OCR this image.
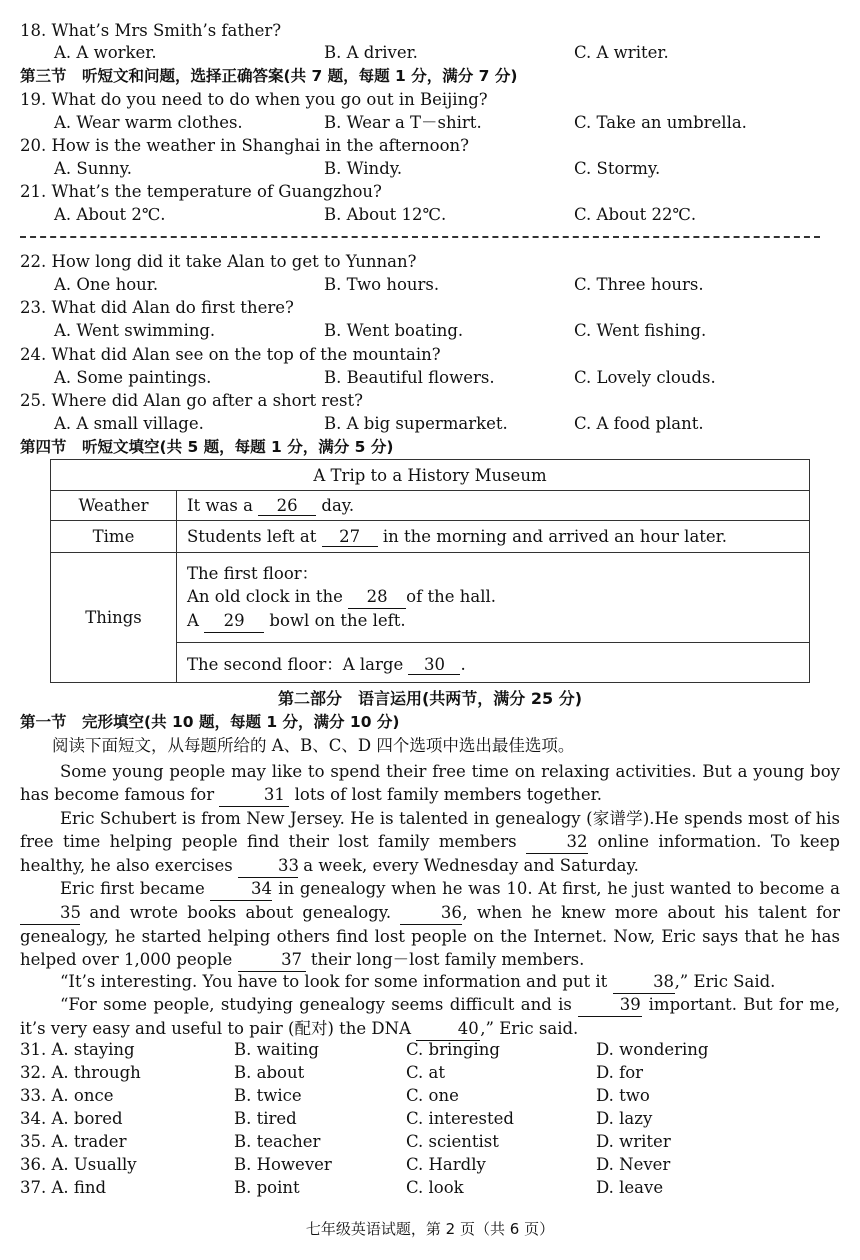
18. What’s Mrs Smith’s father?
A. A worker.	B. A driver.	C. A writer.
第三节　听短文和问题，选择正确答案(共 7 题，每题 1 分，满分 7 分)
19. What do you need to do when you go out in Beijing?
A. Wear warm clothes.	B. Wear a T－shirt.	C. Take an umbrella.
20. How is the weather in Shanghai in the afternoon?
A. Sunny.	B. Windy.	C. Stormy.
21. What’s the temperature of Guangzhou?
A. About 2℃.	B. About 12℃.	C. About 22℃.
22. How long did it take Alan to get to Yunnan?
A. One hour.	B. Two hours.	C. Three hours.
23. What did Alan do first there?
A. Went swimming.	B. Went boating.	C. Went fishing.
24. What did Alan see on the top of the mountain?
A. Some paintings.	B. Beautiful flowers.	C. Lovely clouds.
25. Where did Alan go after a short rest?
A. A small village.	B. A big supermarket.	C. A food plant.
第四节　听短文填空(共 5 题，每题 1 分，满分 5 分)
A Trip to a History Museum	
Weather	It was a 26 day.
Time	Students left at 27 in the morning and arrived an hour later.
Things	The first floor：
An old clock in the 28 of the hall.
A 29 bowl on the left.

	The second floor：A large 30 .
第二部分　语言运用(共两节，满分 25 分)
第一节　完形填空(共 10 题，每题 1 分，满分 10 分)
阅读下面短文，从每题所给的 A、B、C、D 四个选项中选出最佳选项。
Some young people may like to spend their free time on relaxing activities. But a young boy has become famous for	31 lots of lost family members together.
Eric Schubert is from New Jersey. He is talented in genealogy (家谱学).He spends most of his free time helping people find their lost family members	32 online information. To keep healthy, he also exercises	33 a week, every Wednesday and Saturday.
Eric first became	34 in genealogy when he was 10. At first, he just wanted to become a 35 and wrote books about genealogy.	36, when he knew more about his talent for genealogy, he started helping others find lost people on the Internet. Now, Eric says that he has helped over 1,000 people	37 their long－lost family members.
“It’s interesting. You have to look for some information and put it	38,” Eric Said.
“For some people, studying genealogy seems difficult and is	39 important. But for me, it’s very easy and useful to pair (配对) the DNA	40,” Eric said.
31. A. staying	B. waiting	C. bringing	D. wondering
32. A. through	B. about	C. at	D. for
33. A. once	B. twice	C. one	D. two
34. A. bored	B. tired	C. interested	D. lazy
35. A. trader	B. teacher	C. scientist	D. writer
36. A. Usually	B. However	C. Hardly	D. Never
37. A. find	B. point	C. look	D. leave
七年级英语试题，第 2 页（共 6 页）
